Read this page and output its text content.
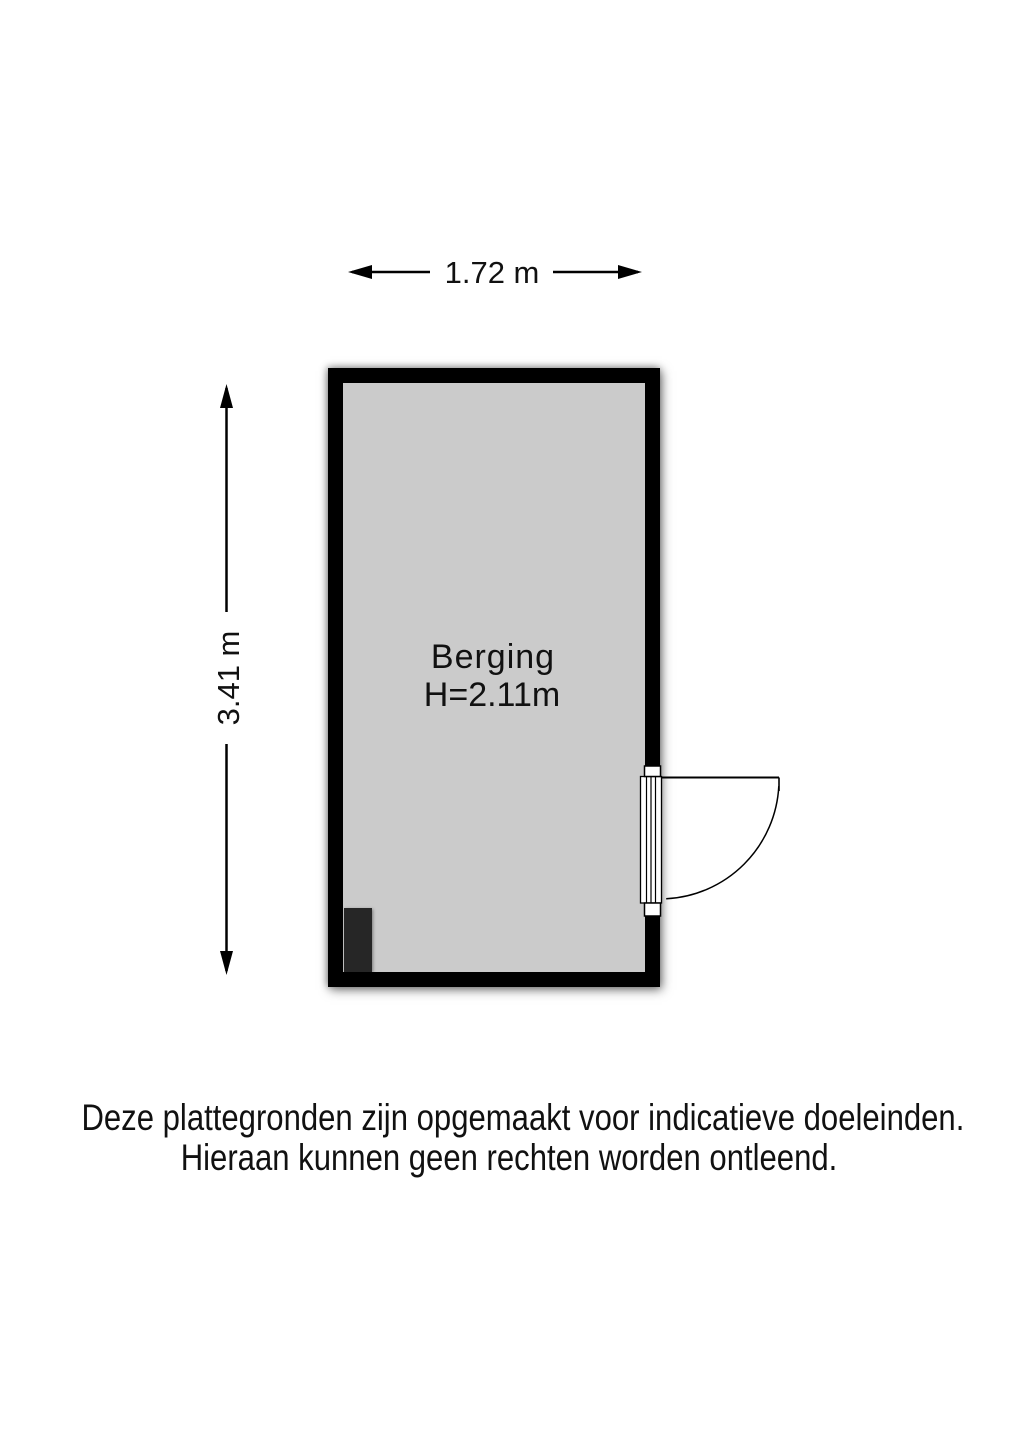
1.72 m
3.41 m	Berging
H=2.11m
Deze plattegronden zijn opgemaakt voor indicatieve doeleinden.
Hieraan kunnen geen rechten worden ontleend.
